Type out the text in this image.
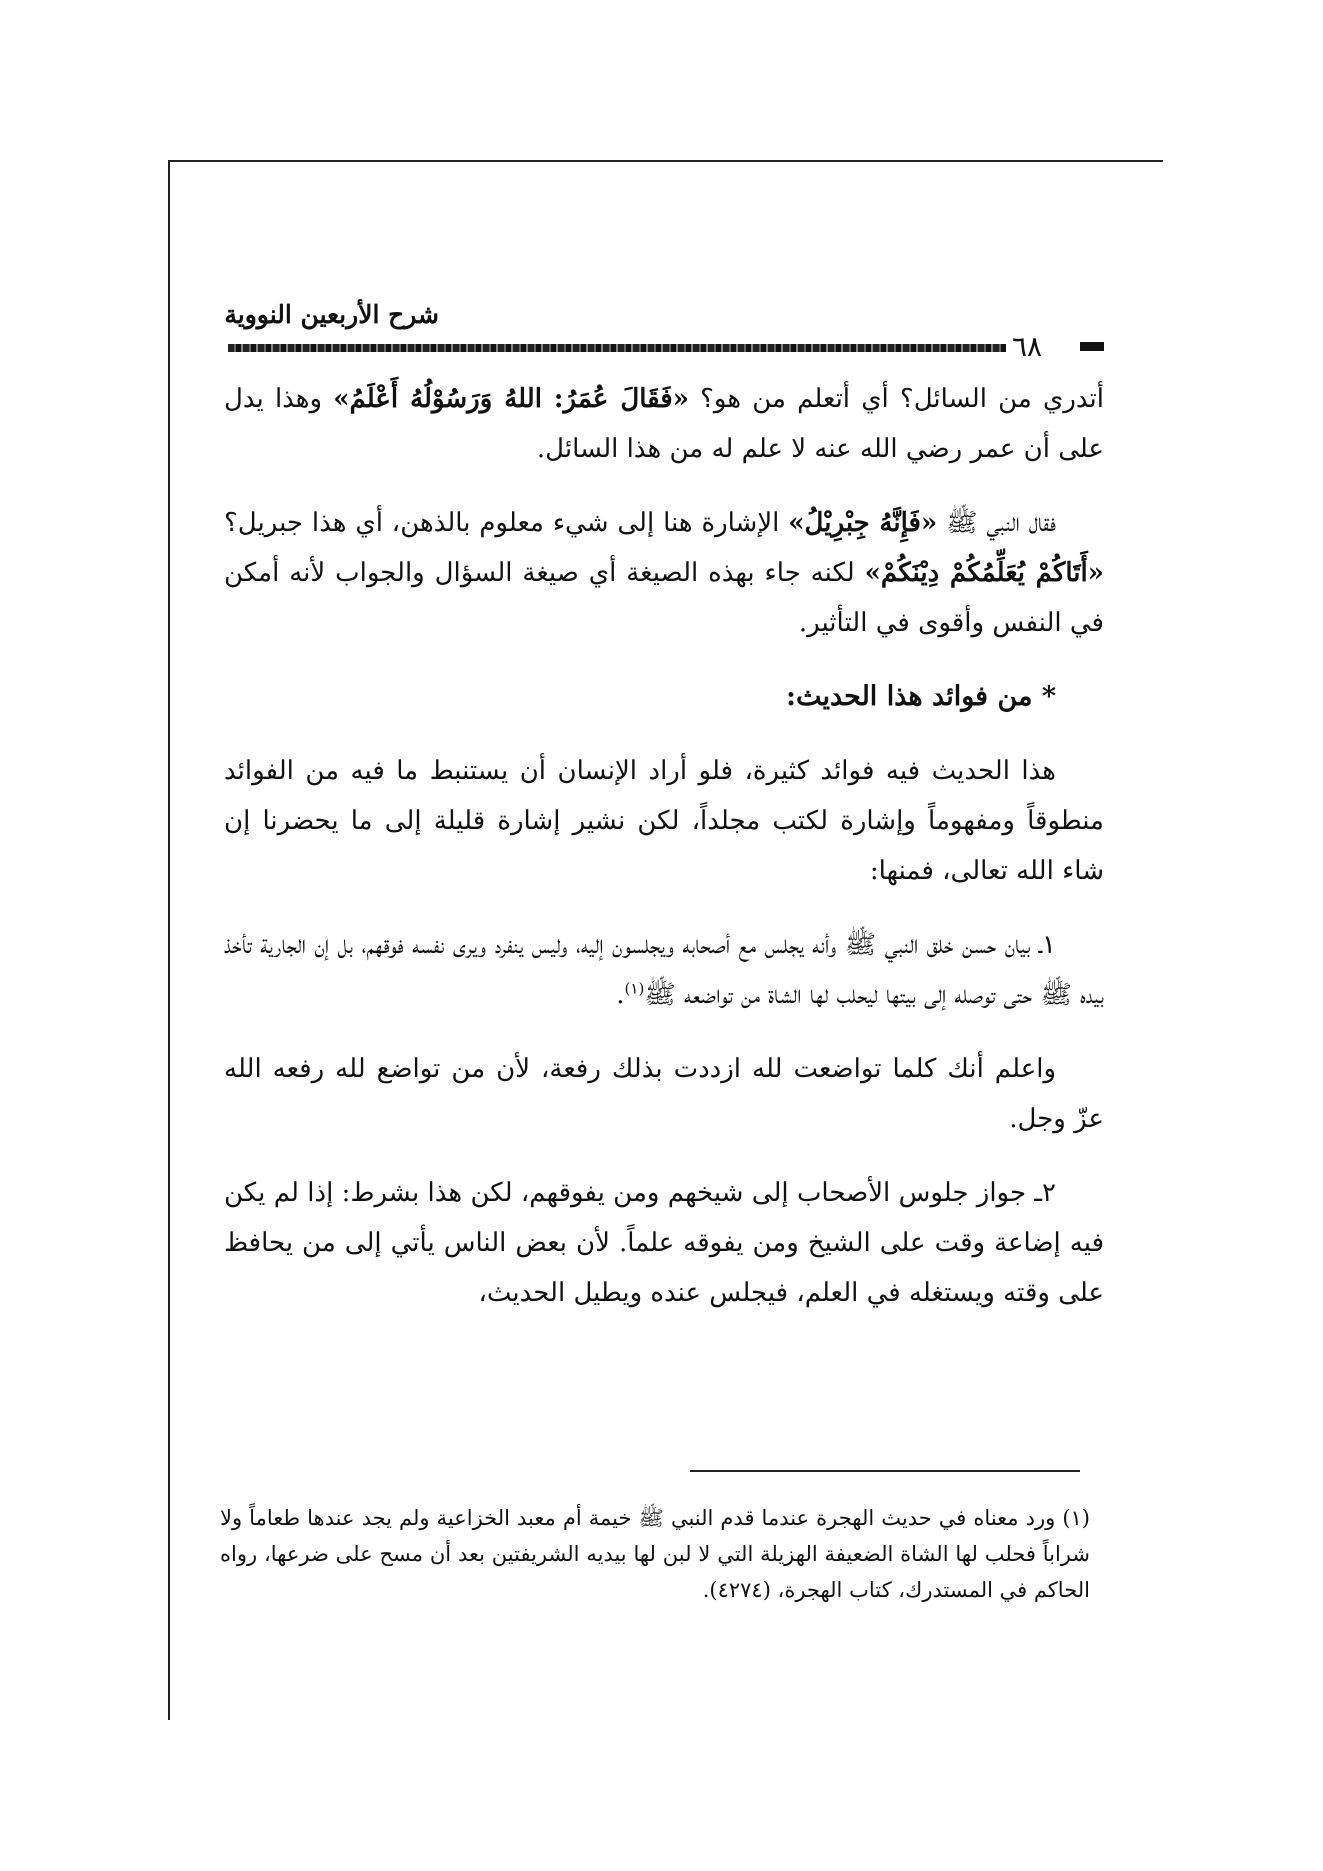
شرح الأربعين النووية
٦٨

أتدري من السائل؟ أي أتعلم من هو؟ «فَقَالَ عُمَرُ: اللهُ وَرَسُوْلُهُ أَعْلَمُ» وهذا يدل على أن عمر رضي الله عنه لا علم له من هذا السائل.

فقال النبي ﷺ «فَإِنَّهُ جِبْرِيْلُ» الإشارة هنا إلى شيء معلوم بالذهن، أي هذا جبريل؟ «أَتَاكُمْ يُعَلِّمُكُمْ دِيْنَكُمْ» لكنه جاء بهذه الصيغة أي صيغة السؤال والجواب لأنه أمكن في النفس وأقوى في التأثير.

* من فوائد هذا الحديث:

هذا الحديث فيه فوائد كثيرة، فلو أراد الإنسان أن يستنبط ما فيه من الفوائد منطوقاً ومفهوماً وإشارة لكتب مجلداً، لكن نشير إشارة قليلة إلى ما يحضرنا إن شاء الله تعالى، فمنها:

١ـ بيان حسن خلق النبي ﷺ وأنه يجلس مع أصحابه ويجلسون إليه، وليس ينفرد ويرى نفسه فوقهم، بل إن الجارية تأخذ بيده ﷺ حتى توصله إلى بيتها ليحلب لها الشاة من تواضعه ﷺ$^{(١)}$.

واعلم أنك كلما تواضعت لله ازددت بذلك رفعة، لأن من تواضع لله رفعه الله عزّ وجل.

٢ـ جواز جلوس الأصحاب إلى شيخهم ومن يفوقهم، لكن هذا بشرط: إذا لم يكن فيه إضاعة وقت على الشيخ ومن يفوقه علماً. لأن بعض الناس يأتي إلى من يحافظ على وقته ويستغله في العلم، فيجلس عنده ويطيل الحديث،

(١) ورد معناه في حديث الهجرة عندما قدم النبي ﷺ خيمة أم معبد الخزاعية ولم يجد عندها طعاماً ولا شراباً فحلب لها الشاة الضعيفة الهزيلة التي لا لبن لها بيديه الشريفتين بعد أن مسح على ضرعها، رواه الحاكم في المستدرك، كتاب الهجرة، (٤٢٧٤).
